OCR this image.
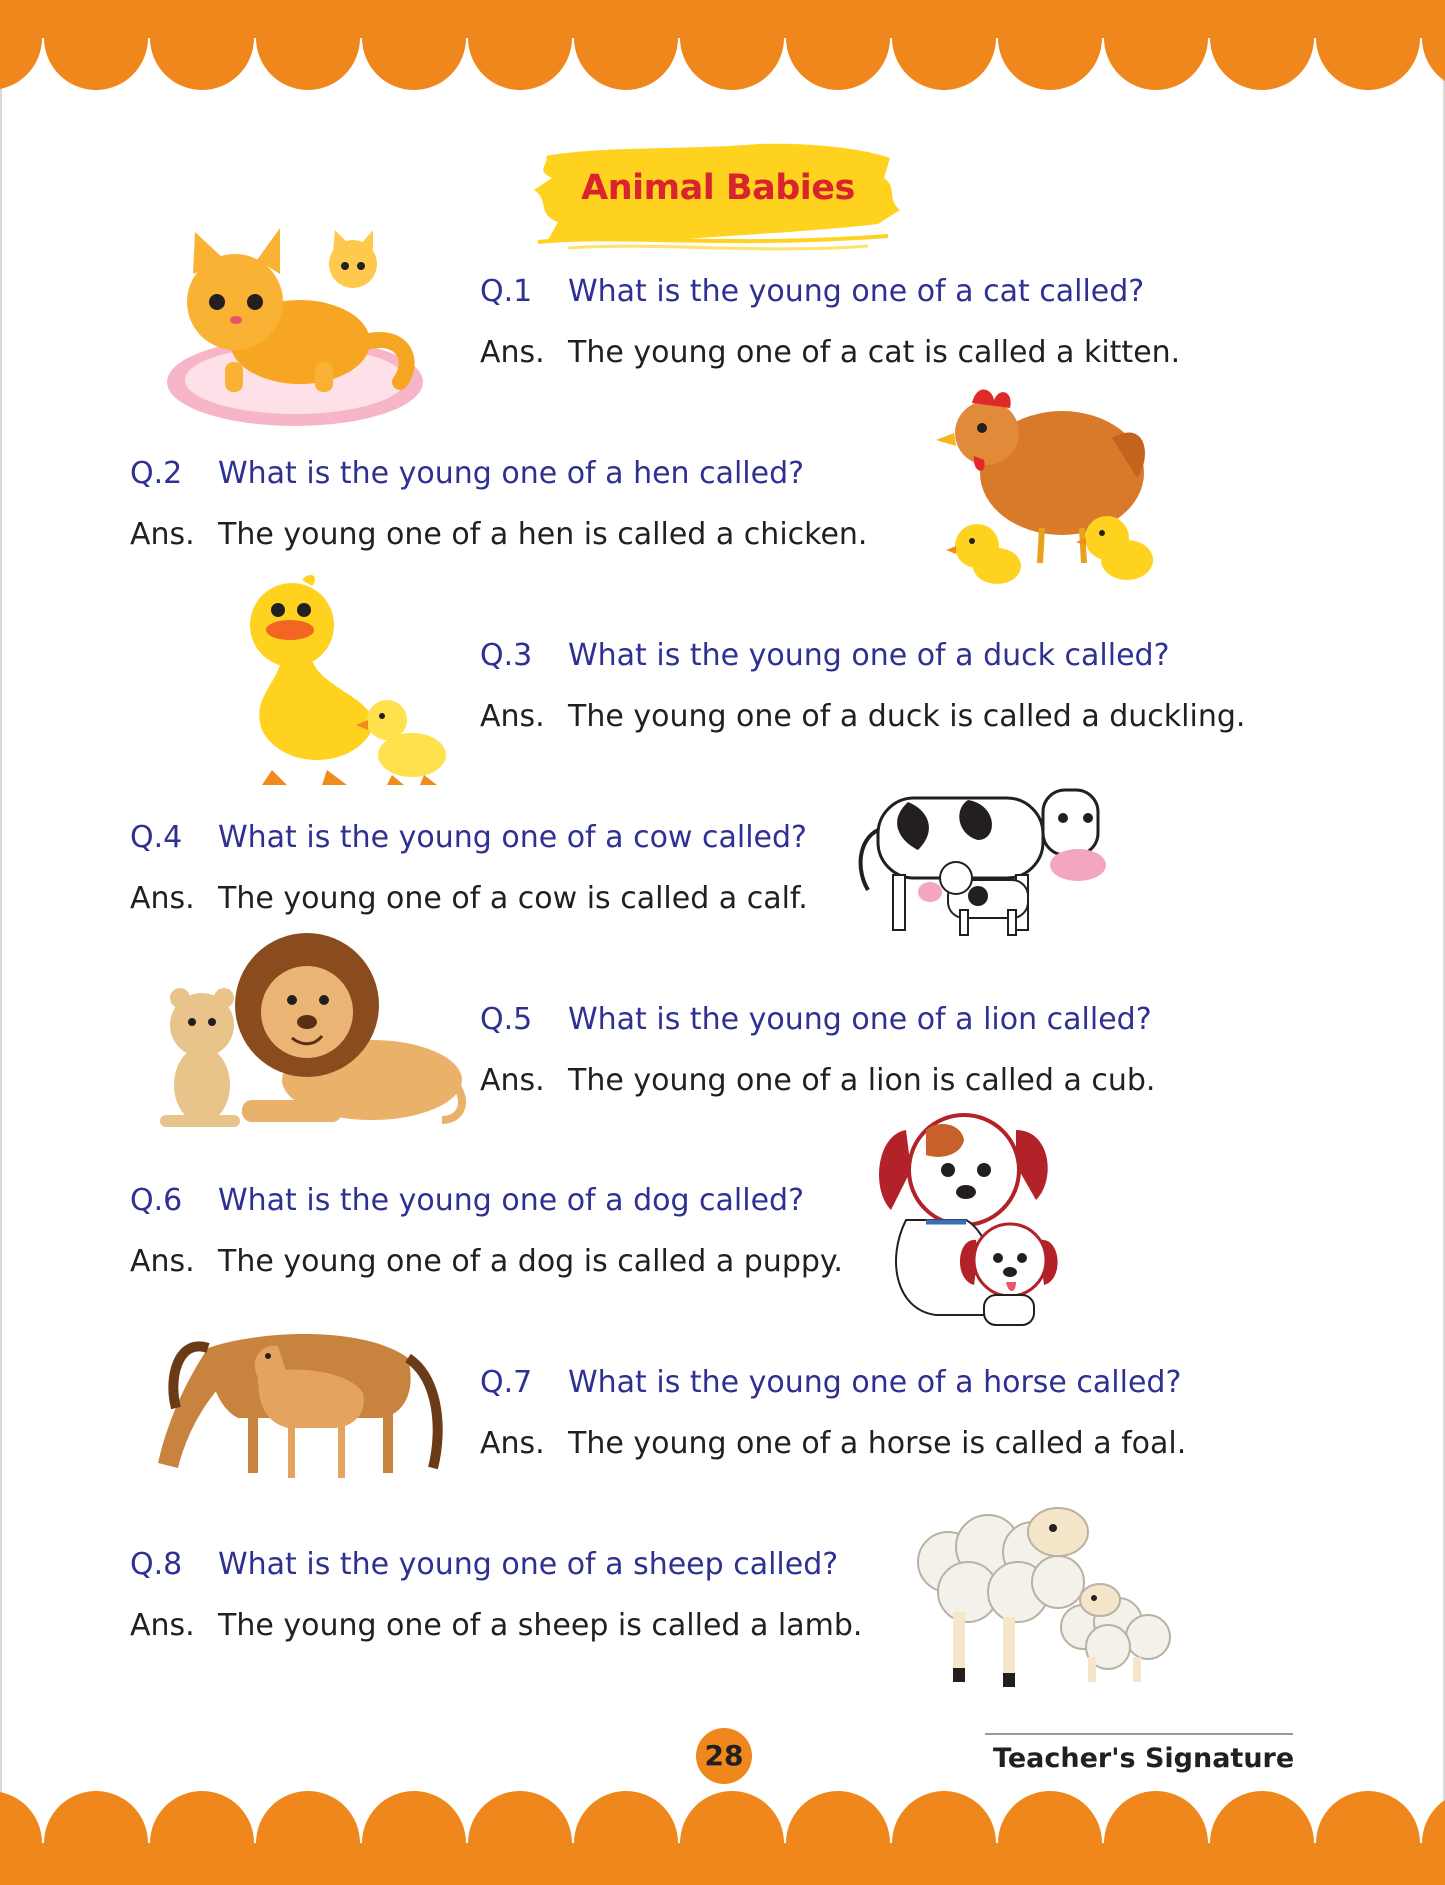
Animal Babies
Q.1	What is the young one of a cat called?
Ans. The young one of a cat is called a kitten.
Q.2	What is the young one of a hen called?
Ans. The young one of a hen is called a chicken.
Q.3	What is the young one of a duck called?
Ans. The young one of a duck is called a duckling.
Q.4	What is the young one of a cow called?
Ans. The young one of a cow is called a calf.
Q.5	What is the young one of a lion called?
Ans. The young one of a lion is called a cub.
Q.6	What is the young one of a dog called?
Ans. The young one of a dog is called a puppy.
Q.7	What is the young one of a horse called?
Ans. The young one of a horse is called a foal.
Q.8	What is the young one of a sheep called?
Ans. The young one of a sheep is called a lamb.
28	Teacher's Signature
